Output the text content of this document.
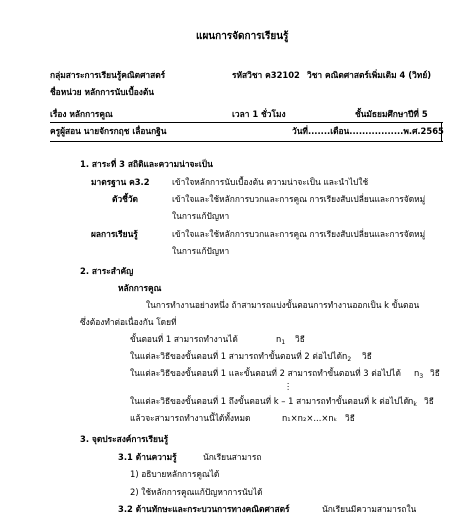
แผนการจัดการเรียนรู้
กลุ่มสาระการเรียนรู้คณิตศาสตร์	รหัสวิชา ค32102 วิชา คณิตศาสตร์เพิ่มเติม 4 (วิทย์)
ชื่อหน่วย หลักการนับเบื้องต้น
เรื่อง หลักการคูณ	เวลา 1 ชั่วโมง	ชั้นมัธยมศึกษาปีที่ 5
ครูผู้สอน นายจักรกฤช เลื่อนกฐิน	วันที่.......เดือน.................พ.ศ.2565
1. สาระที่ 3 สถิติและความน่าจะเป็น
มาตรฐาน ค3.2	เข้าใจหลักการนับเบื้องต้น ความน่าจะเป็น และนำไปใช้
ตัวชี้วัด	เข้าใจและใช้หลักการบวกและการคูณ การเรียงสับเปลี่ยนและการจัดหมู่
ในการแก้ปัญหา
ผลการเรียนรู้	เข้าใจและใช้หลักการบวกและการคูณ การเรียงสับเปลี่ยนและการจัดหมู่
ในการแก้ปัญหา
2. สาระสำคัญ
หลักการคูณ
ในการทำงานอย่างหนึ่ง ถ้าสามารถแบ่งขั้นตอนการทำงานออกเป็น k ขั้นตอน
ซึ่งต้องทำต่อเนื่องกัน โดยที่
ขั้นตอนที่ 1 สามารถทำงานได้	$n_1$ วิธี
ในแต่ละวิธีของขั้นตอนที่ 1 สามารถทำขั้นตอนที่ 2 ต่อไปได้ $n_2$ วิธี
ในแต่ละวิธีของขั้นตอนที่ 1 และขั้นตอนที่ 2 สามารถทำขั้นตอนที่ 3 ต่อไปได้ $n_3$ วิธี
⋮
ในแต่ละวิธีของขั้นตอนที่ 1 ถึงขั้นตอนที่ k – 1 สามารถทำขั้นตอนที่ k ต่อไปได้ $n_k$ วิธี
แล้วจะสามารถทำงานนี้ได้ทั้งหมด	n₁×n₂×...×nₖ วิธี
3. จุดประสงค์การเรียนรู้
3.1 ด้านความรู้	นักเรียนสามารถ
1) อธิบายหลักการคูณได้
2) ใช้หลักการคูณแก้ปัญหาการนับได้
3.2 ด้านทักษะและกระบวนการทางคณิตศาสตร์	นักเรียนมีความสามารถใน
